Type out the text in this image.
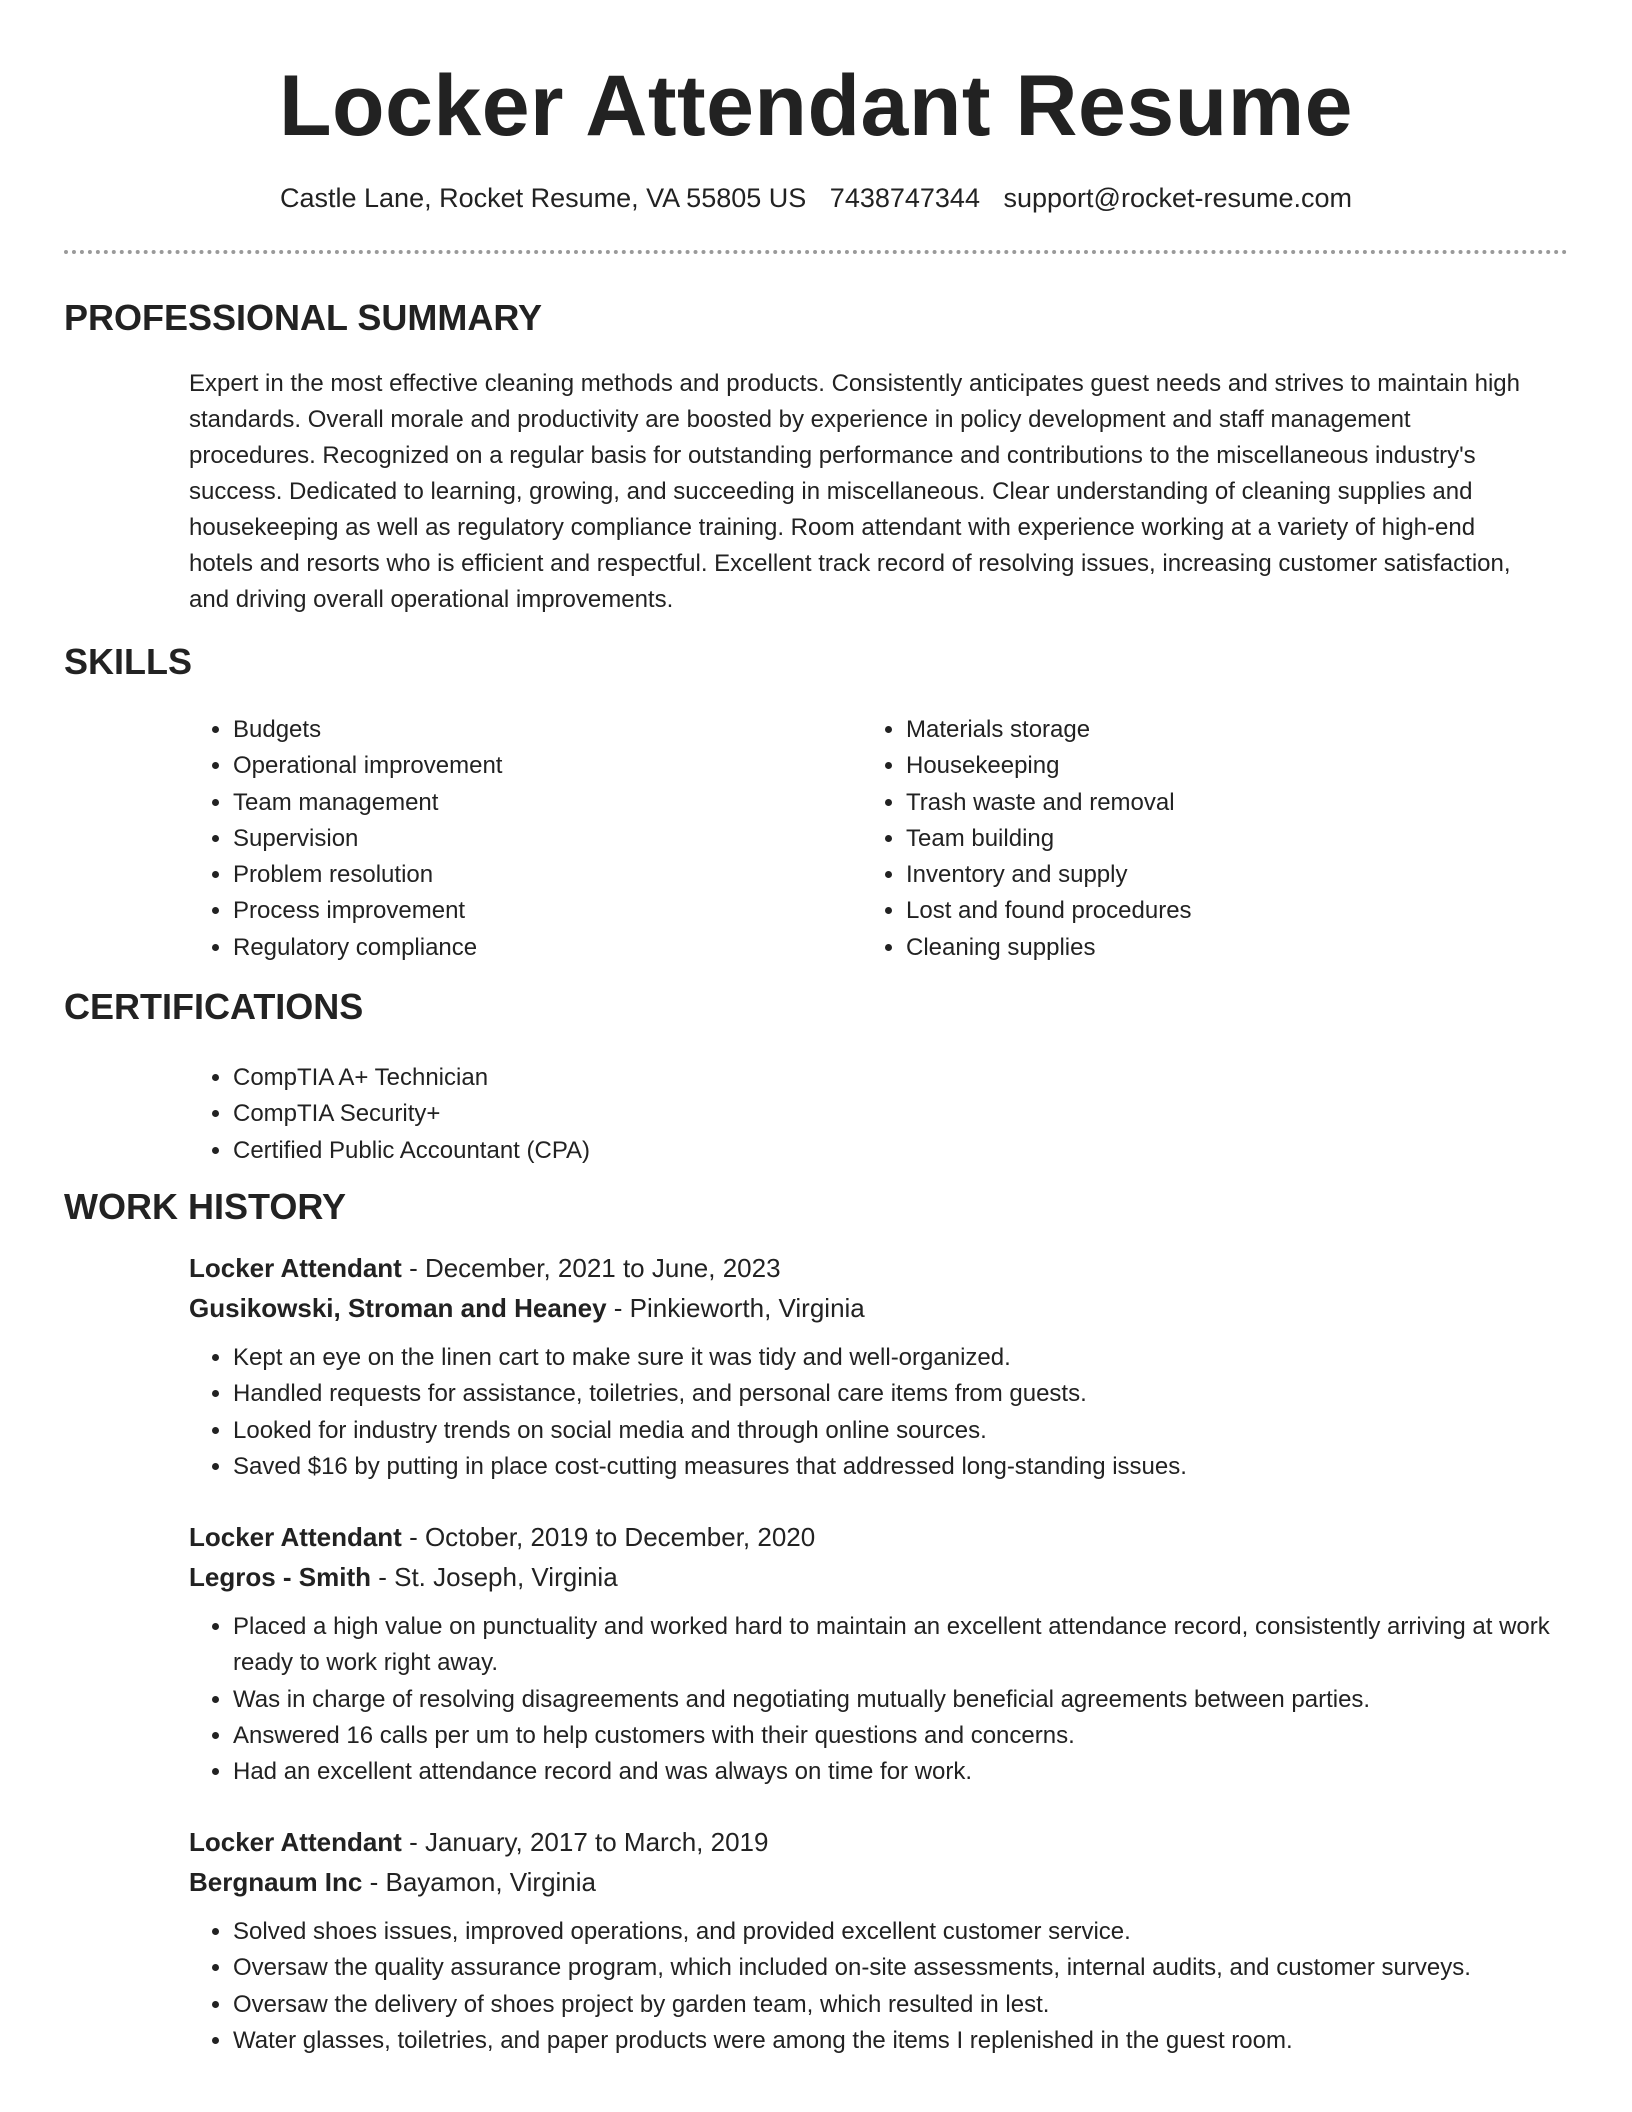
Locker Attendant Resume
Castle Lane, Rocket Resume, VA 55805 US 7438747344 support@rocket-resume.com
PROFESSIONAL SUMMARY

Expert in the most effective cleaning methods and products. Consistently anticipates guest needs and strives to maintain high standards. Overall morale and productivity are boosted by experience in policy development and staff management procedures. Recognized on a regular basis for outstanding performance and contributions to the miscellaneous industry's success. Dedicated to learning, growing, and succeeding in miscellaneous. Clear understanding of cleaning supplies and housekeeping as well as regulatory compliance training. Room attendant with experience working at a variety of high-end hotels and resorts who is efficient and respectful. Excellent track record of resolving issues, increasing customer satisfaction, and driving overall operational improvements.

SKILLS
• Budgets
• Operational improvement
• Team management
• Supervision
• Problem resolution
• Process improvement
• Regulatory compliance
• Materials storage
• Housekeeping
• Trash waste and removal
• Team building
• Inventory and supply
• Lost and found procedures
• Cleaning supplies
CERTIFICATIONS
• CompTIA A+ Technician
• CompTIA Security+
• Certified Public Accountant (CPA)
WORK HISTORY

Locker Attendant - December, 2021 to June, 2023

Gusikowski, Stroman and Heaney - Pinkieworth, Virginia

• Kept an eye on the linen cart to make sure it was tidy and well-organized.
• Handled requests for assistance, toiletries, and personal care items from guests.
• Looked for industry trends on social media and through online sources.
• Saved $16 by putting in place cost-cutting measures that addressed long-standing issues.

Locker Attendant - October, 2019 to December, 2020

Legros - Smith - St. Joseph, Virginia

• Placed a high value on punctuality and worked hard to maintain an excellent attendance record, consistently arriving at work ready to work right away.
• Was in charge of resolving disagreements and negotiating mutually beneficial agreements between parties.
• Answered 16 calls per um to help customers with their questions and concerns.
• Had an excellent attendance record and was always on time for work.

Locker Attendant - January, 2017 to March, 2019

Bergnaum Inc - Bayamon, Virginia

• Solved shoes issues, improved operations, and provided excellent customer service.
• Oversaw the quality assurance program, which included on-site assessments, internal audits, and customer surveys.
• Oversaw the delivery of shoes project by garden team, which resulted in lest.
• Water glasses, toiletries, and paper products were among the items I replenished in the guest room.
